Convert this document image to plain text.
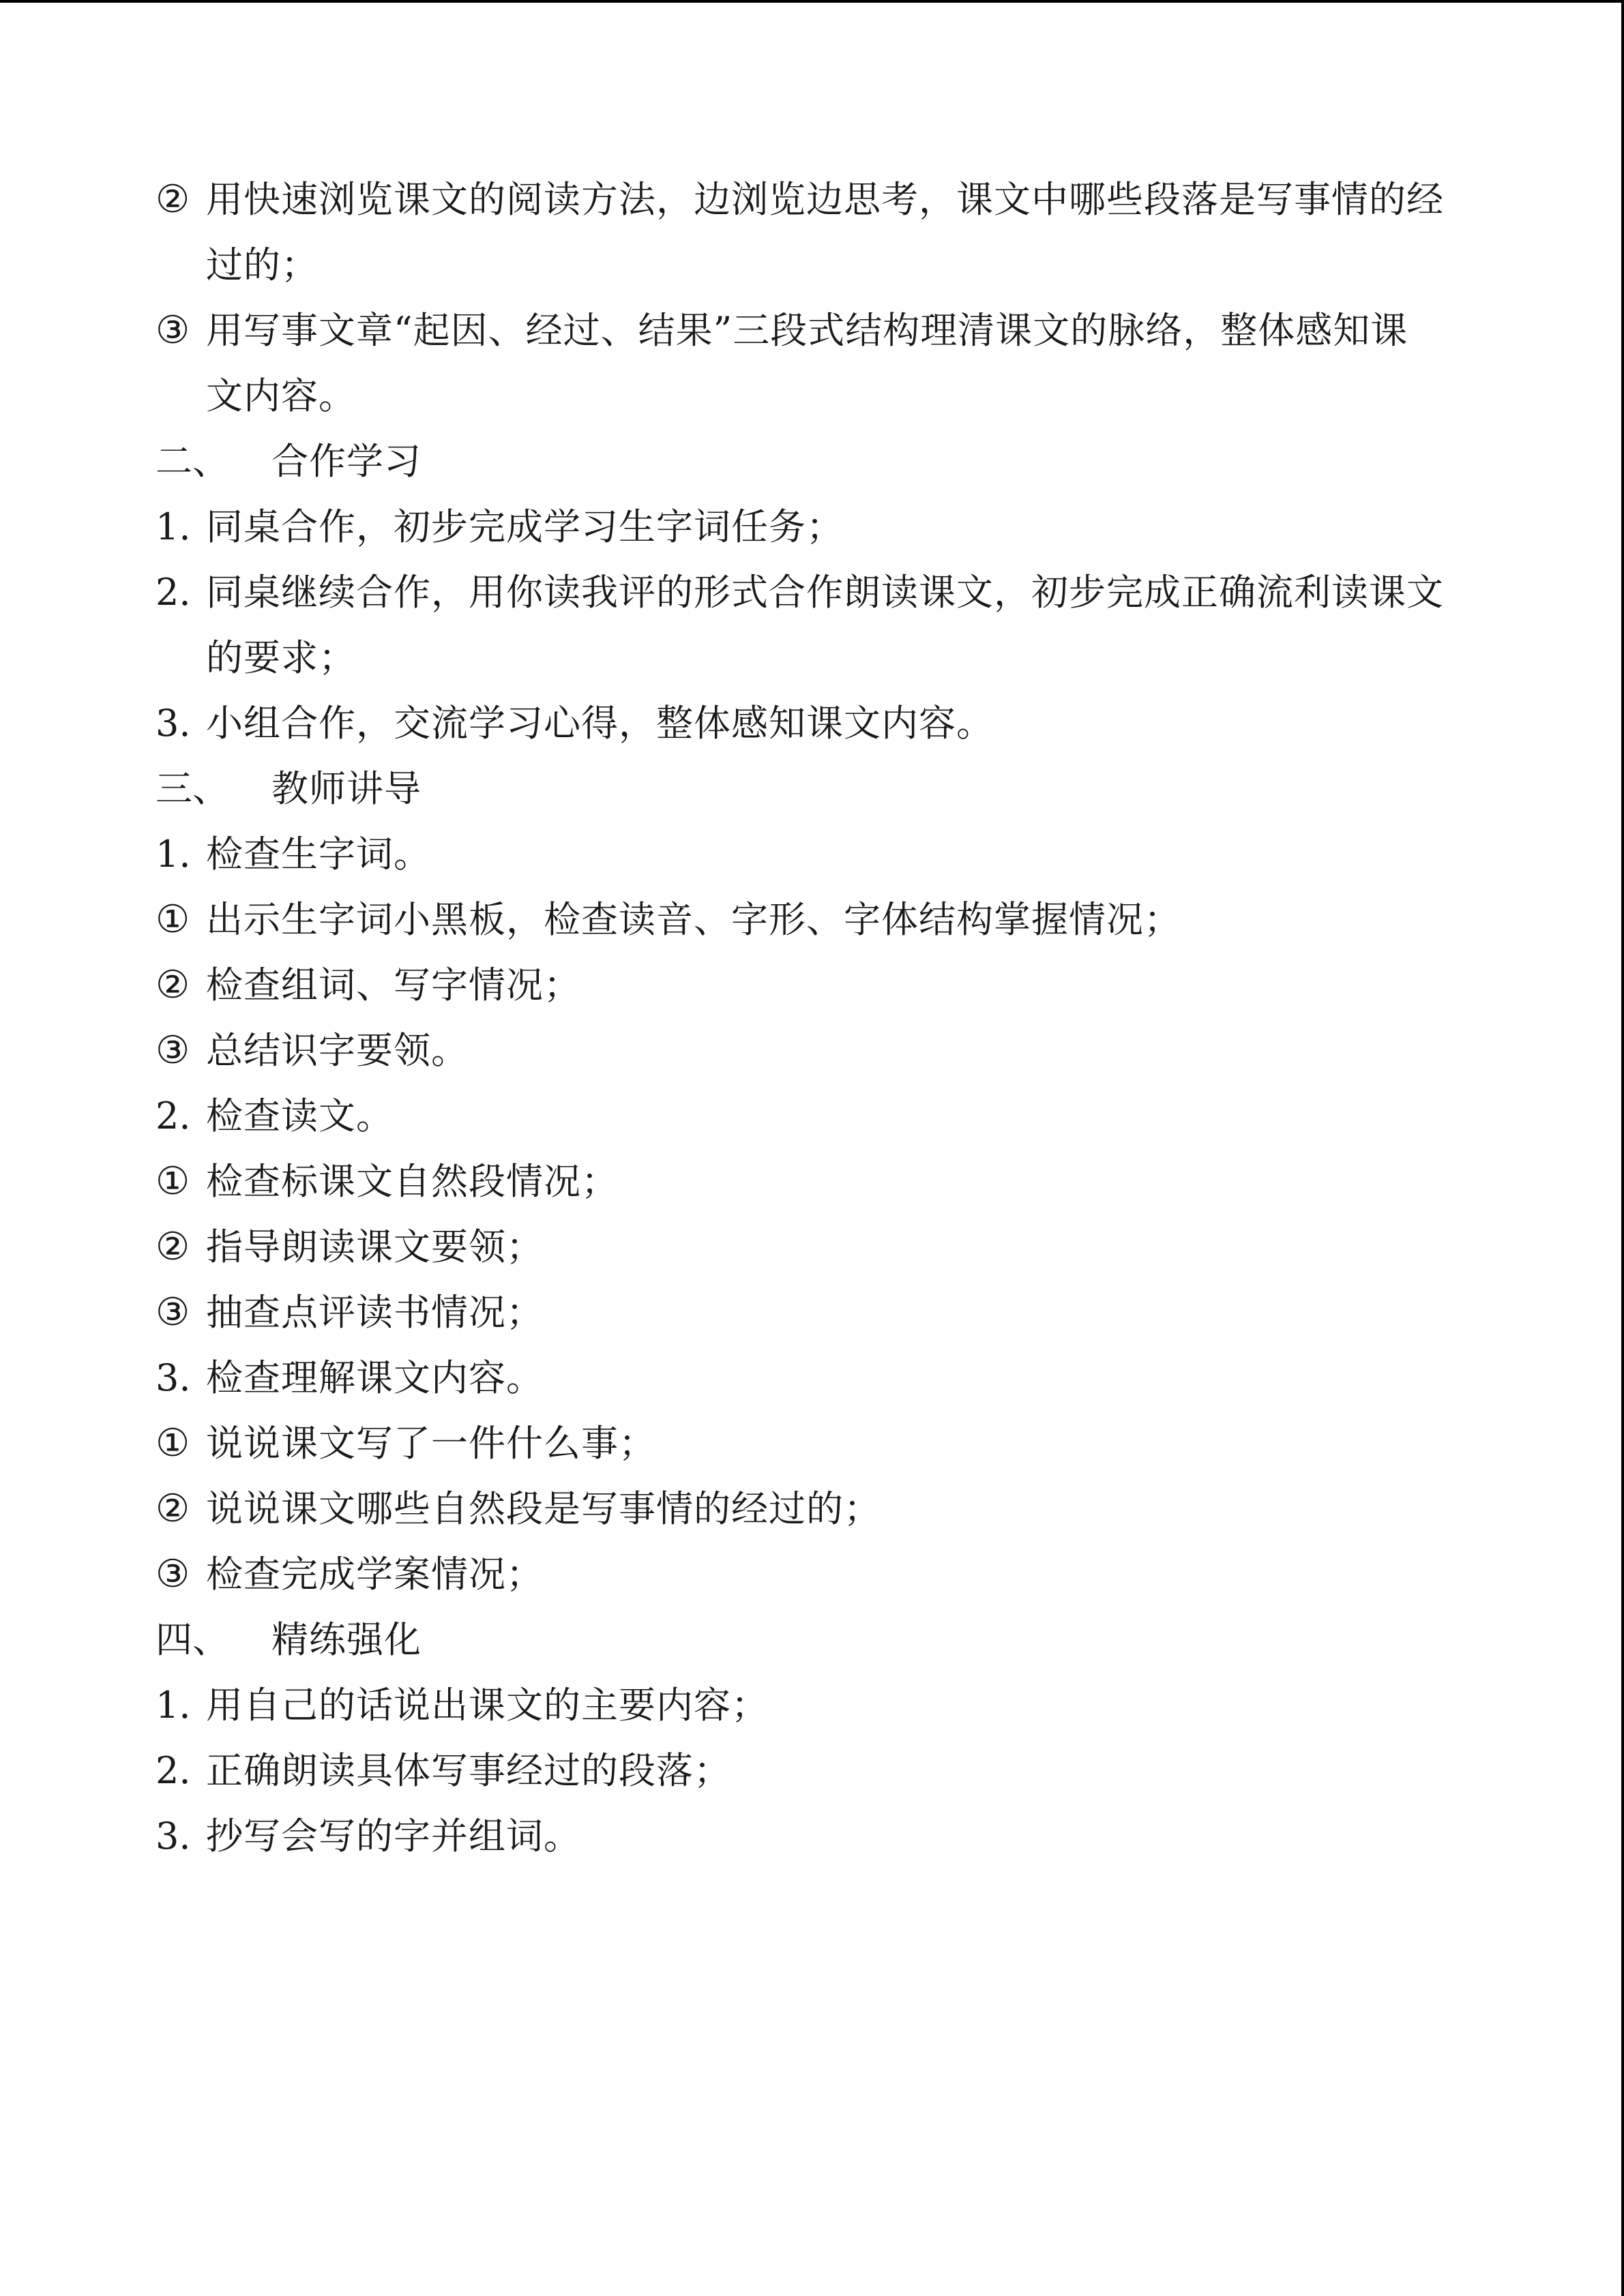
② 用快速浏览课文的阅读方法，边浏览边思考，课文中哪些段落是写事情的经
过的；
③ 用写事文章“起因、经过、结果”三段式结构理清课文的脉络，整体感知课
文内容。
二、	合作学习
1. 同桌合作，初步完成学习生字词任务；
2. 同桌继续合作，用你读我评的形式合作朗读课文，初步完成正确流利读课文
的要求；
3. 小组合作，交流学习心得，整体感知课文内容。
三、	教师讲导
1. 检查生字词。
① 出示生字词小黑板，检查读音、字形、字体结构掌握情况；
② 检查组词、写字情况；
③ 总结识字要领。
2. 检查读文。
① 检查标课文自然段情况；
② 指导朗读课文要领；
③ 抽查点评读书情况；
3. 检查理解课文内容。
① 说说课文写了一件什么事；
② 说说课文哪些自然段是写事情的经过的；
③ 检查完成学案情况；
四、	精练强化
1. 用自己的话说出课文的主要内容；
2. 正确朗读具体写事经过的段落；
3. 抄写会写的字并组词。
